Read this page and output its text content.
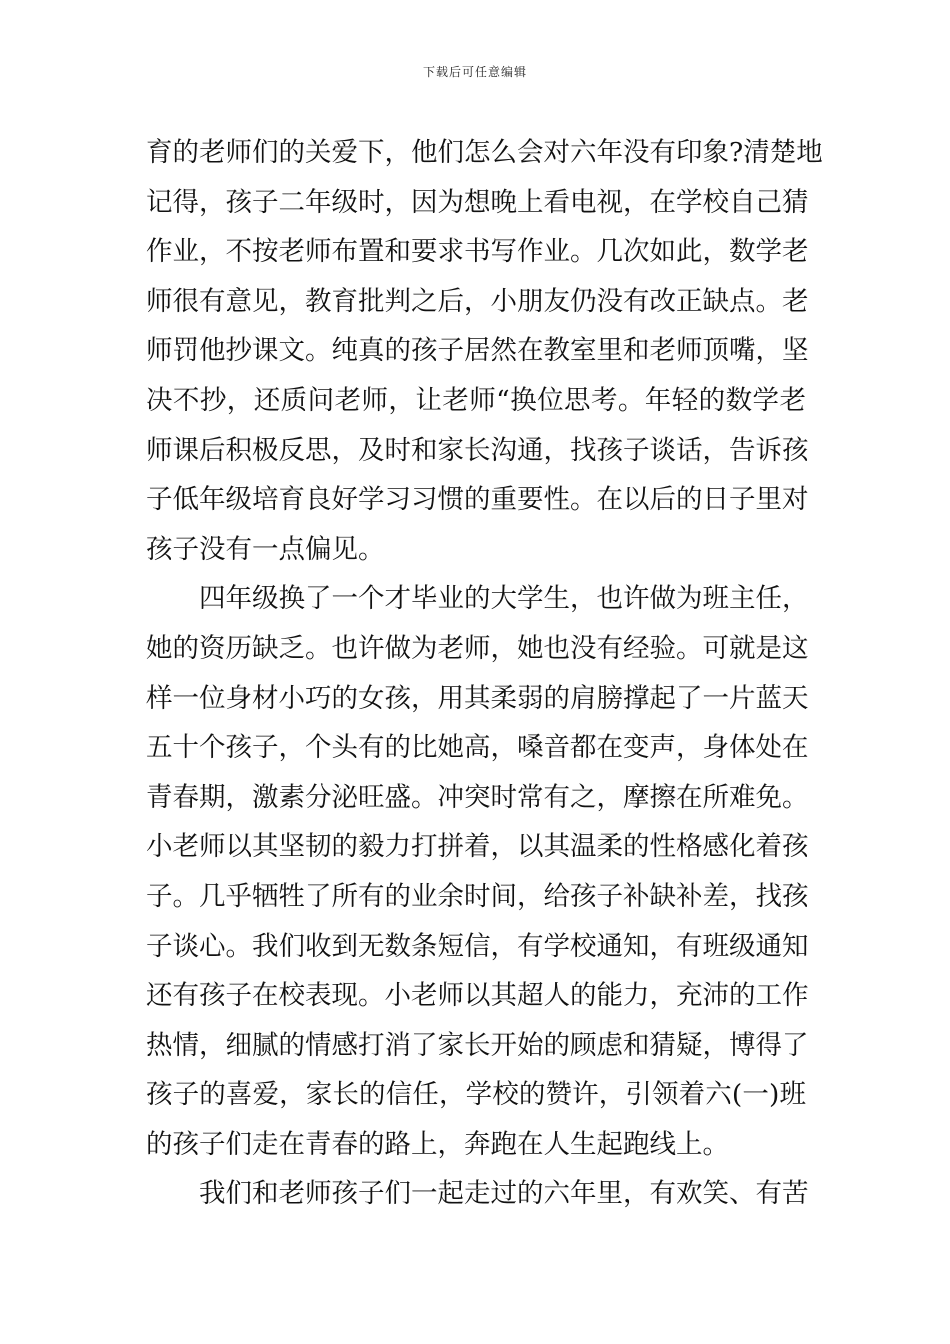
下载后可任意编辑
育的老师们的关爱下，他们怎么会对六年没有印象?清楚地
记得，孩子二年级时，因为想晚上看电视，在学校自己猜
作业，不按老师布置和要求书写作业。几次如此，数学老
师很有意见，教育批判之后，小朋友仍没有改正缺点。老
师罚他抄课文。纯真的孩子居然在教室里和老师顶嘴，坚
决不抄，还质问老师，让老师“换位思考。年轻的数学老
师课后积极反思，及时和家长沟通，找孩子谈话，告诉孩
子低年级培育良好学习习惯的重要性。在以后的日子里对
孩子没有一点偏见。
四年级换了一个才毕业的大学生，也许做为班主任，
她的资历缺乏。也许做为老师，她也没有经验。可就是这
样一位身材小巧的女孩，用其柔弱的肩膀撑起了一片蓝天
五十个孩子，个头有的比她高，嗓音都在变声，身体处在
青春期，激素分泌旺盛。冲突时常有之，摩擦在所难免。
小老师以其坚韧的毅力打拼着，以其温柔的性格感化着孩
子。几乎牺牲了所有的业余时间，给孩子补缺补差，找孩
子谈心。我们收到无数条短信，有学校通知，有班级通知
还有孩子在校表现。小老师以其超人的能力，充沛的工作
热情，细腻的情感打消了家长开始的顾虑和猜疑，博得了
孩子的喜爱，家长的信任，学校的赞许，引领着六(一)班
的孩子们走在青春的路上，奔跑在人生起跑线上。
我们和老师孩子们一起走过的六年里，有欢笑、有苦
